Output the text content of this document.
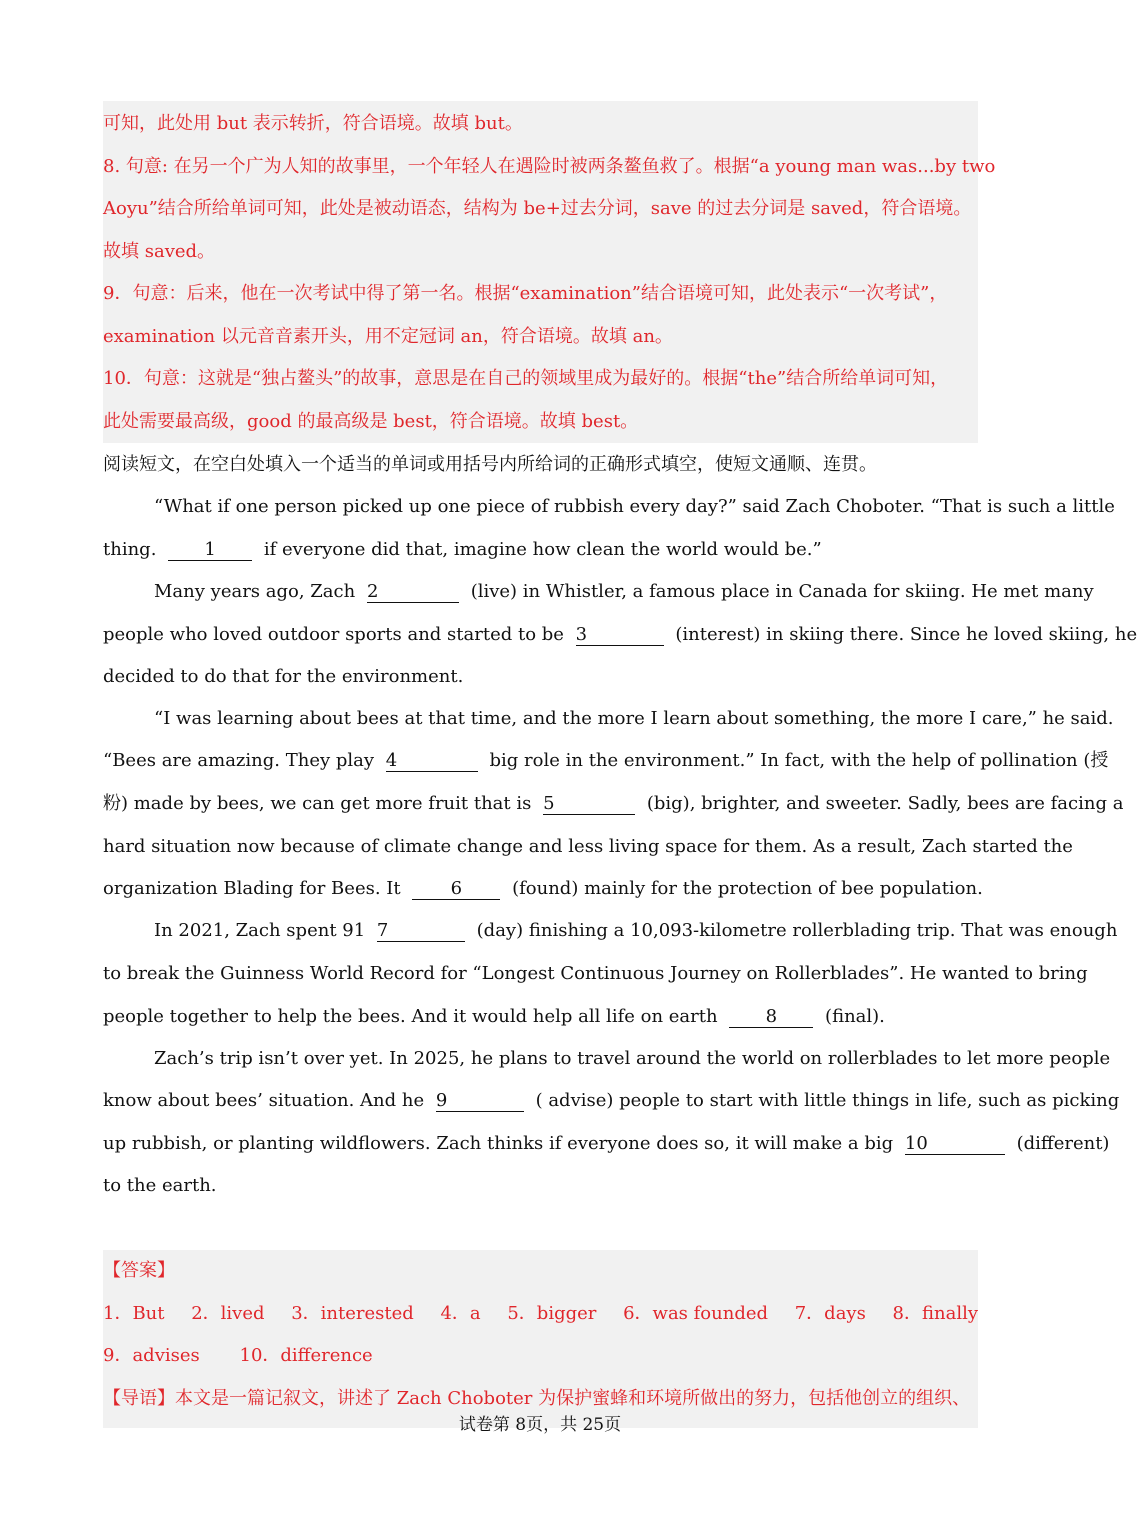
可知，此处用 but 表示转折，符合语境。故填 but。
8. 句意: 在另一个广为人知的故事里，一个年轻人在遇险时被两条鳌鱼救了。根据“a young man was...by two
Aoyu”结合所给单词可知，此处是被动语态，结构为 be+过去分词，save 的过去分词是 saved，符合语境。
故填 saved。
9．句意：后来，他在一次考试中得了第一名。根据“examination”结合语境可知，此处表示“一次考试”，
examination 以元音音素开头，用不定冠词 an，符合语境。故填 an。
10．句意：这就是“独占鳌头”的故事，意思是在自己的领域里成为最好的。根据“the”结合所给单词可知，
此处需要最高级，good 的最高级是 best，符合语境。故填 best。
阅读短文，在空白处填入一个适当的单词或用括号内所给词的正确形式填空，使短文通顺、连贯。
“What if one person picked up one piece of rubbish every day?” said Zach Choboter. “That is such a little
thing.	1	if everyone did that, imagine how clean the world would be.”
Many years ago, Zach 2	(live) in Whistler, a famous place in Canada for skiing. He met many
people who loved outdoor sports and started to be 3	(interest) in skiing there. Since he loved skiing, he
decided to do that for the environment.
“I was learning about bees at that time, and the more I learn about something, the more I care,” he said.
“Bees are amazing. They play 4	big role in the environment.” In fact, with the help of pollination (授
粉) made by bees, we can get more fruit that is 5	(big), brighter, and sweeter. Sadly, bees are facing a
hard situation now because of climate change and less living space for them. As a result, Zach started the
organization Blading for Bees. It	6	(found) mainly for the protection of bee population.
In 2021, Zach spent 91 7	(day) finishing a 10,093-kilometre rollerblading trip. That was enough
to break the Guinness World Record for “Longest Continuous Journey on Rollerblades”. He wanted to bring
people together to help the bees. And it would help all life on earth	8	(final).
Zach’s trip isn’t over yet. In 2025, he plans to travel around the world on rollerblades to let more people
know about bees’ situation. And he 9	( advise) people to start with little things in life, such as picking
up rubbish, or planting wildflowers. Zach thinks if everyone does so, it will make a big 10	(different)
to the earth.
【答案】
1．But 2．lived 3．interested 4．a 5．bigger 6．was founded 7．days 8．finally
9．advises 10．difference
【导语】本文是一篇记叙文，讲述了 Zach Choboter 为保护蜜蜂和环境所做出的努力，包括他创立的组织、
试卷第 8页，共 25页
